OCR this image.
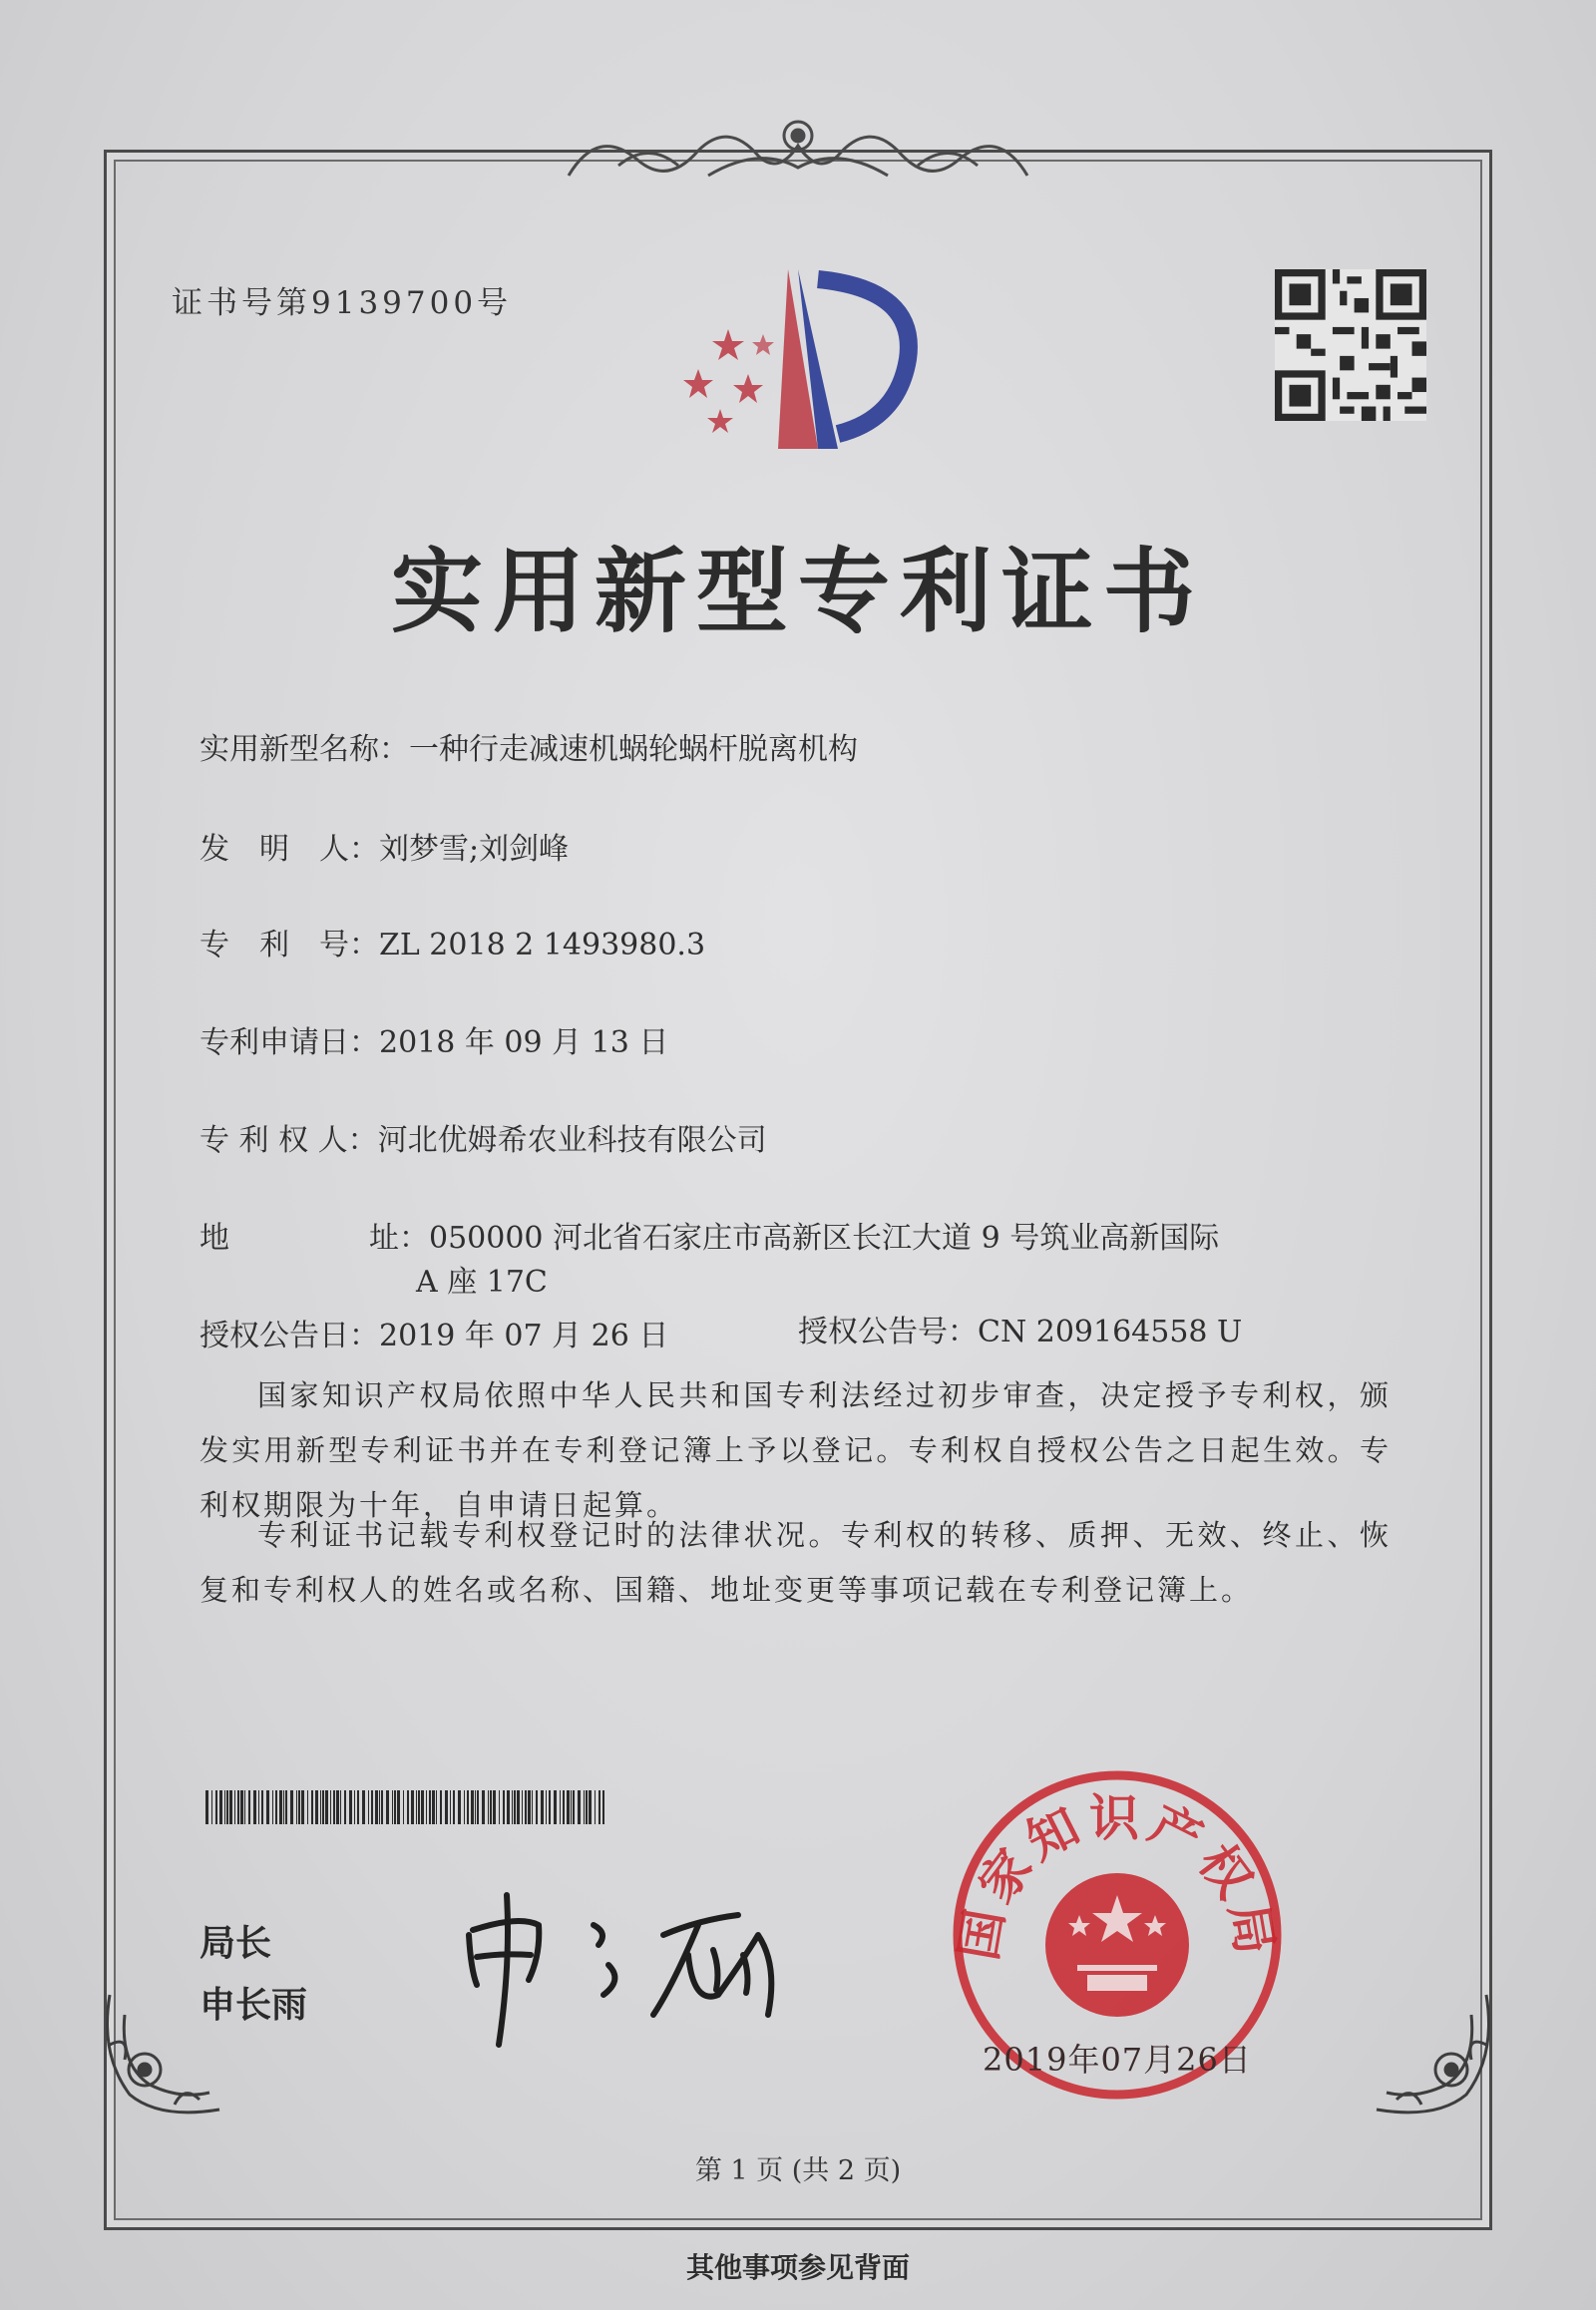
证书号第9139700号
实用新型专利证书
实用新型名称：一种行走减速机蜗轮蜗杆脱离机构
发　明　人：刘梦雪;刘剑峰
专　利　号：ZL 2018 2 1493980.3
专利申请日：2018 年 09 月 13 日
专 利 权 人：河北优姆希农业科技有限公司
地	址：050000 河北省石家庄市高新区长江大道 9 号筑业高新国际
A 座 17C
授权公告日：2019 年 07 月 26 日	授权公告号：CN 209164558 U
国家知识产权局依照中华人民共和国专利法经过初步审查，决定授予专利权，颁发实用新型专利证书并在专利登记簿上予以登记。专利权自授权公告之日起生效。专利权期限为十年，自申请日起算。
专利证书记载专利权登记时的法律状况。专利权的转移、质押、无效、终止、恢复和专利权人的姓名或名称、国籍、地址变更等事项记载在专利登记簿上。
局长
申长雨
国家知识产权局
2019年07月26日
第 1 页 (共 2 页)
其他事项参见背面
